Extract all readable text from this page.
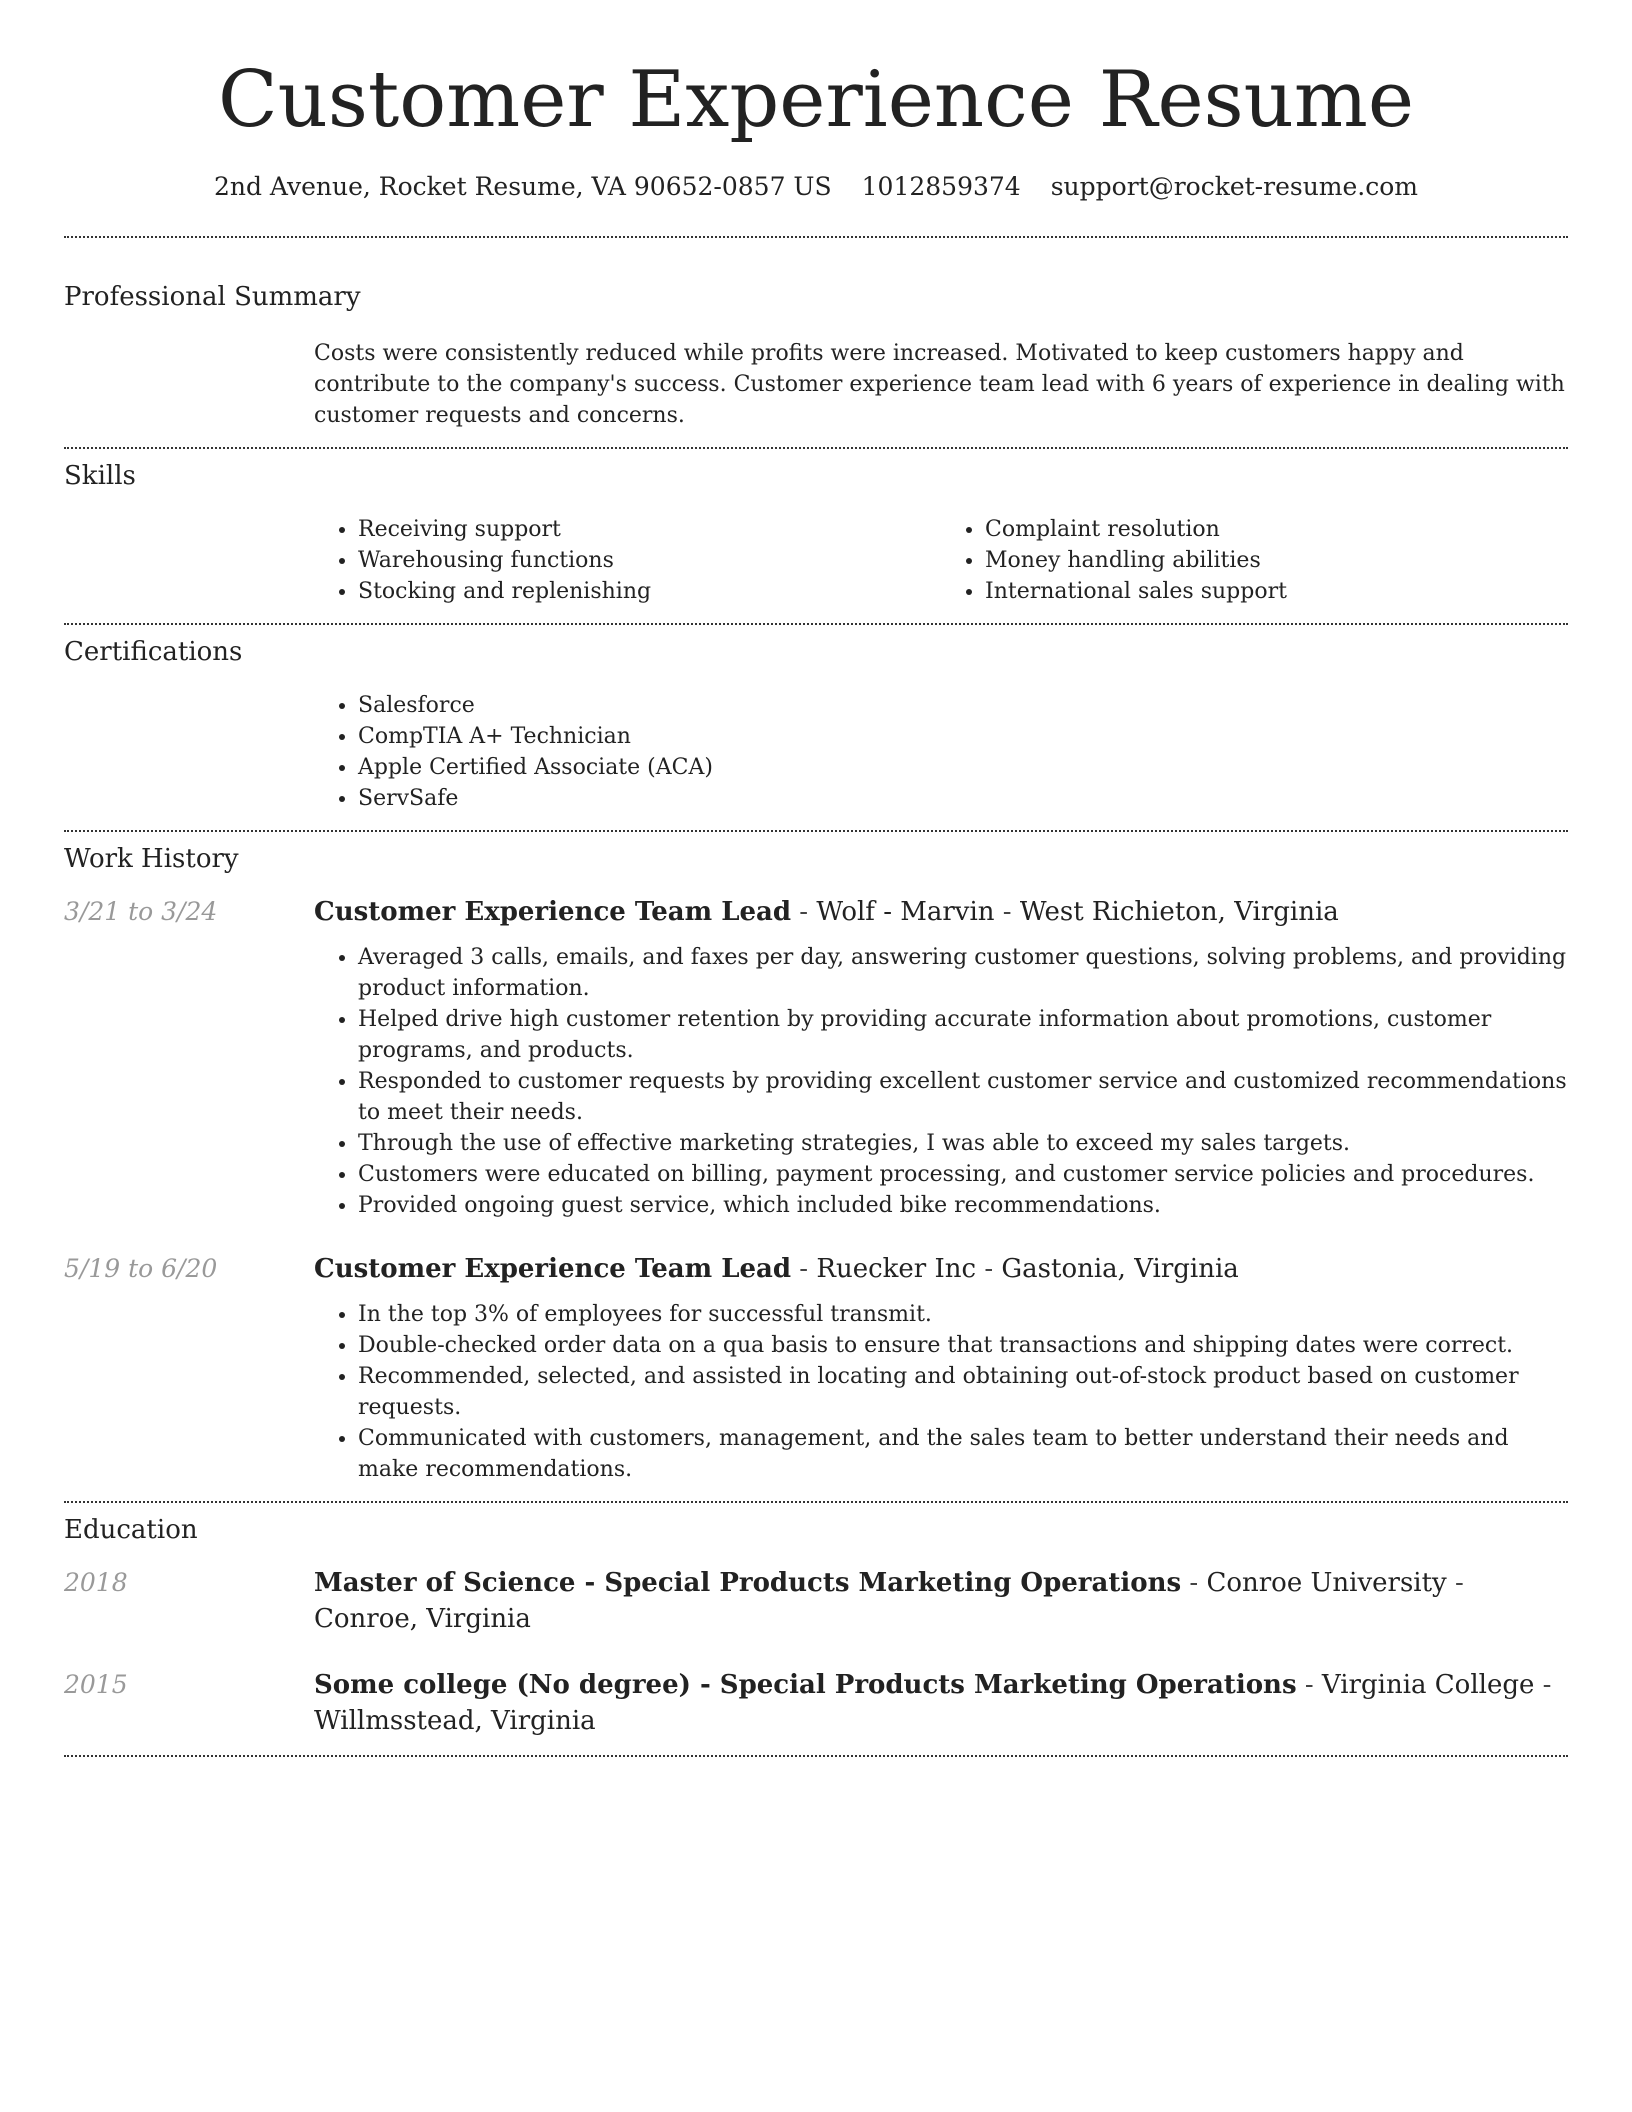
Customer Experience Resume
2nd Avenue, Rocket Resume, VA 90652-0857 US 1012859374 support@rocket-resume.com
Professional Summary

Costs were consistently reduced while profits were increased. Motivated to keep customers happy and contribute to the company's success. Customer experience team lead with 6 years of experience in dealing with customer requests and concerns.

Skills
• Receiving support
• Warehousing functions
• Stocking and replenishing
• Complaint resolution
• Money handling abilities
• International sales support
Certifications
• Salesforce
• CompTIA A+ Technician
• Apple Certified Associate (ACA)
• ServSafe
Work History
3/21 to 3/24	Customer Experience Team Lead - Wolf - Marvin - West Richieton, Virginia

• Averaged 3 calls, emails, and faxes per day, answering customer questions, solving problems, and providing product information.
• Helped drive high customer retention by providing accurate information about promotions, customer programs, and products.
• Responded to customer requests by providing excellent customer service and customized recommendations to meet their needs.
• Through the use of effective marketing strategies, I was able to exceed my sales targets.
• Customers were educated on billing, payment processing, and customer service policies and procedures.
• Provided ongoing guest service, which included bike recommendations.
5/19 to 6/20	Customer Experience Team Lead - Ruecker Inc - Gastonia, Virginia

• In the top 3% of employees for successful transmit.
• Double-checked order data on a qua basis to ensure that transactions and shipping dates were correct.
• Recommended, selected, and assisted in locating and obtaining out-of-stock product based on customer requests.
• Communicated with customers, management, and the sales team to better understand their needs and make recommendations.
Education
2018	Master of Science - Special Products Marketing Operations - Conroe University - Conroe, Virginia

2015	Some college (No degree) - Special Products Marketing Operations - Virginia College - Willmsstead, Virginia
